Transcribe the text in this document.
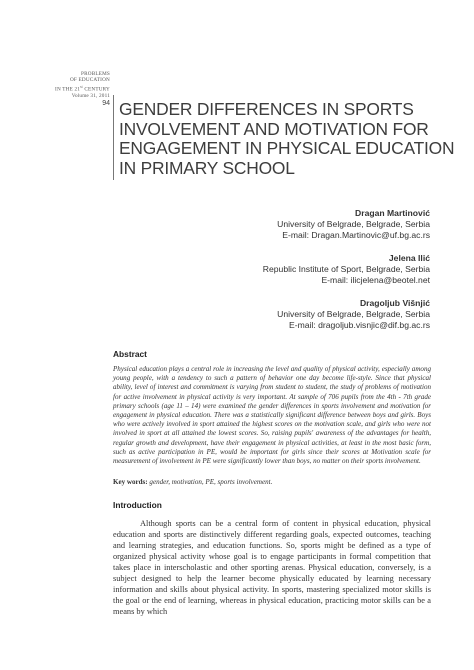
PROBLEMS
OF EDUCATION
IN THE 21st CENTURY
Volume 31, 2011
94 GENDER DIFFERENCES IN SPORTS
INVOLVEMENT AND MOTIVATION FOR
ENGAGEMENT IN PHYSICAL EDUCATION
IN PRIMARY SCHOOL
Dragan Martinović
University of Belgrade, Belgrade, Serbia
E-mail: Dragan.Martinovic@uf.bg.ac.rs
Jelena Ilić
Republic Institute of Sport, Belgrade, Serbia
E-mail: ilicjelena@beotel.net
Dragoljub Višnjić
University of Belgrade, Belgrade, Serbia
E-mail: dragoljub.visnjic@dif.bg.ac.rs
Abstract
Physical education plays a central role in increasing the level and quality of physical activity, especially among young people, with a tendency to such a pattern of behavior one day become life-style. Since that physical ability, level of interest and commitment is varying from student to student, the study of problems of motivation for active involvement in physical activity is very important. At sample of 706 pupils from the 4th - 7th grade primary schools (age 11 – 14) were examined the gender differences in sports involvement and motivation for engagement in physical education. There was a statistically significant difference between boys and girls. Boys who were actively involved in sport attained the highest scores on the motivation scale, and girls who were not involved in sport at all attained the lowest scores. So, raising pupils' awareness of the advantages for health, regular growth and development, have their engagement in physical activities, at least in the most basic form, such as active participation in PE, would be important for girls since their scores at Motivation scale for measurement of involvement in PE were significantly lower than boys, no matter on their sports involvement.
Key words: gender, motivation, PE, sports involvement.
Introduction
Although sports can be a central form of content in physical education, physical education and sports are distinctively different regarding goals, expected outcomes, teaching and learning strategies, and education functions. So, sports might be defined as a type of organized physical activity whose goal is to engage participants in formal competition that takes place in interscholastic and other sporting arenas. Physical education, conversely, is a subject designed to help the learner become physically educated by learning necessary information and skills about physical activity. In sports, mastering specialized motor skills is the goal or the end of learning, whereas in physical education, practicing motor skills can be a means by which
